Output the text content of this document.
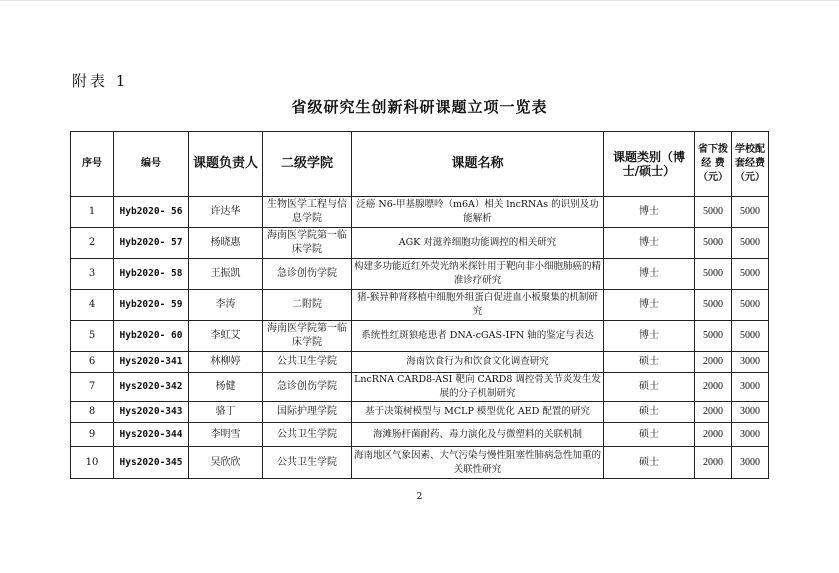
附表 1
省级研究生创新科研课题立项一览表
序号	编号	课题负责人	二级学院	课题名称	课题类别（博士/硕士）	省下拨经 费（元）	学校配套经费（元）
1	Hyb2020- 56	许达华	生物医学工程与信息学院	泛癌 N6-甲基腺嘌呤（m6A）相关 lncRNAs 的识别及功能解析	博士	5000	5000
2	Hyb2020- 57	杨晓惠	海南医学院第一临床学院	AGK 对滋养细胞功能调控的相关研究	博士	5000	5000
3	Hyb2020- 58	王振凯	急诊创伤学院	构建多功能近红外荧光纳米探针用于靶向非小细胞肺癌的精准诊疗研究	博士	5000	5000
4	Hyb2020- 59	李涛	二附院	猪-猴异种肾移植中细胞外组蛋白促进血小板聚集的机制研究	博士	5000	5000
5	Hyb2020- 60	李虹艾	海南医学院第一临床学院	系统性红斑狼疮患者 DNA-cGAS-IFN 轴的鉴定与表达	博士	5000	5000
6	Hys2020-341	林柳婷	公共卫生学院	海南饮食行为和饮食文化调查研究	硕士	2000	3000
7	Hys2020-342	杨健	急诊创伤学院	LncRNA CARD8-ASI 靶向 CARD8 调控骨关节炎发生发展的分子机制研究	硕士	2000	3000
8	Hys2020-343	骆丁	国际护理学院	基于决策树模型与 MCLP 模型优化 AED 配置的研究	硕士	2000	3000
9	Hys2020-344	李明雪	公共卫生学院	海滩肠杆菌耐药、毒力演化及与微塑料的关联机制	硕士	2000	3000
10	Hys2020-345	吴欣欣	公共卫生学院	海南地区气象因素、大气污染与慢性阻塞性肺病急性加重的关联性研究	硕士	2000	3000
2
